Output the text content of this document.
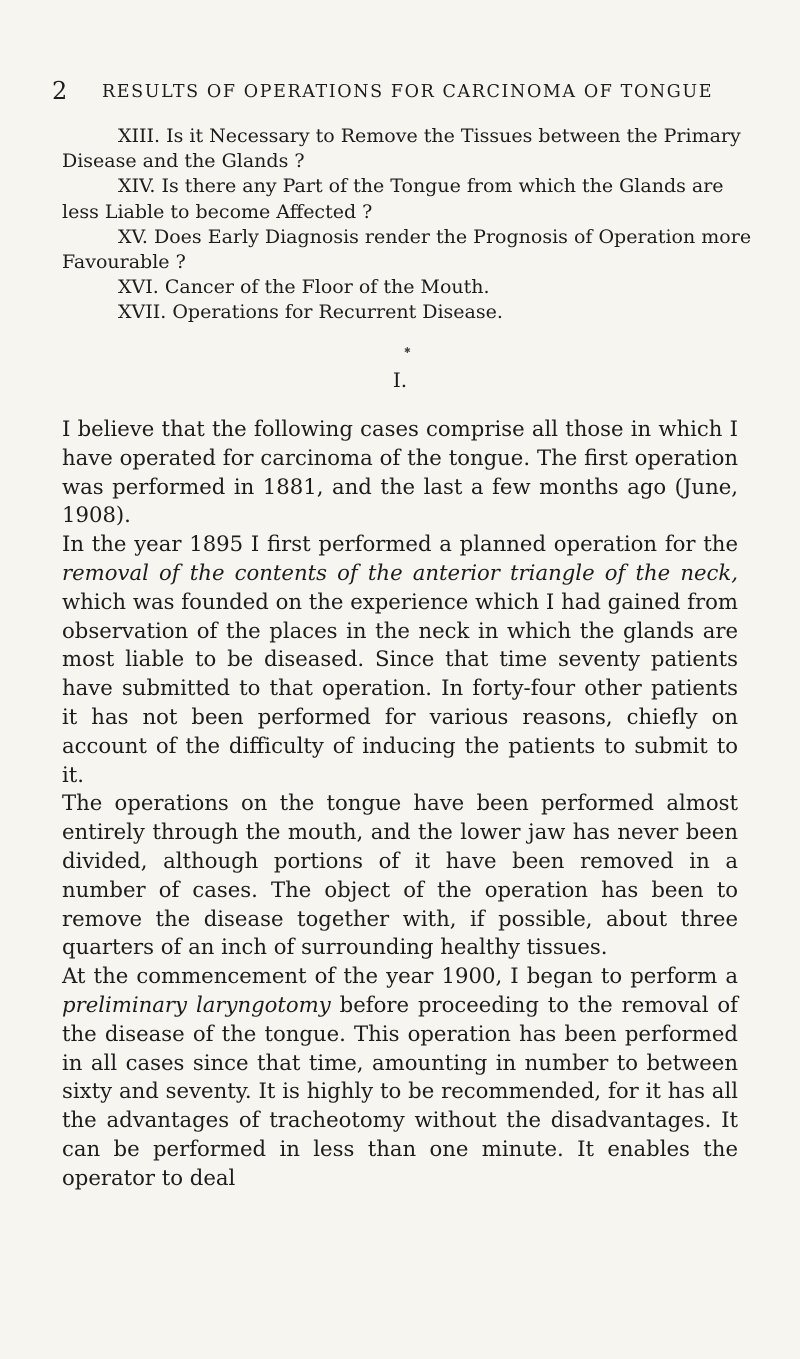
2 RESULTS OF OPERATIONS FOR CARCINOMA OF TONGUE

XIII. Is it Necessary to Remove the Tissues between the Primary Disease and the Glands ?

XIV. Is there any Part of the Tongue from which the Glands are less Liable to become Affected ?

XV. Does Early Diagnosis render the Prognosis of Operation more Favourable ?

XVI. Cancer of the Floor of the Mouth.

XVII. Operations for Recurrent Disease.

✱
I.

I believe that the following cases comprise all those in which I have operated for carcinoma of the tongue. The first operation was performed in 1881, and the last a few months ago (June, 1908).

In the year 1895 I first performed a planned operation for the removal of the contents of the anterior triangle of the neck, which was founded on the experience which I had gained from observation of the places in the neck in which the glands are most liable to be diseased. Since that time seventy patients have submitted to that operation. In forty-four other patients it has not been performed for various reasons, chiefly on account of the difficulty of inducing the patients to submit to it.

The operations on the tongue have been performed almost entirely through the mouth, and the lower jaw has never been divided, although portions of it have been removed in a number of cases. The object of the operation has been to remove the disease together with, if possible, about three quarters of an inch of surrounding healthy tissues.

At the commencement of the year 1900, I began to perform a preliminary laryngotomy before proceeding to the removal of the disease of the tongue. This operation has been performed in all cases since that time, amounting in number to between sixty and seventy. It is highly to be recommended, for it has all the advantages of tracheotomy without the disadvantages. It can be performed in less than one minute. It enables the operator to deal
